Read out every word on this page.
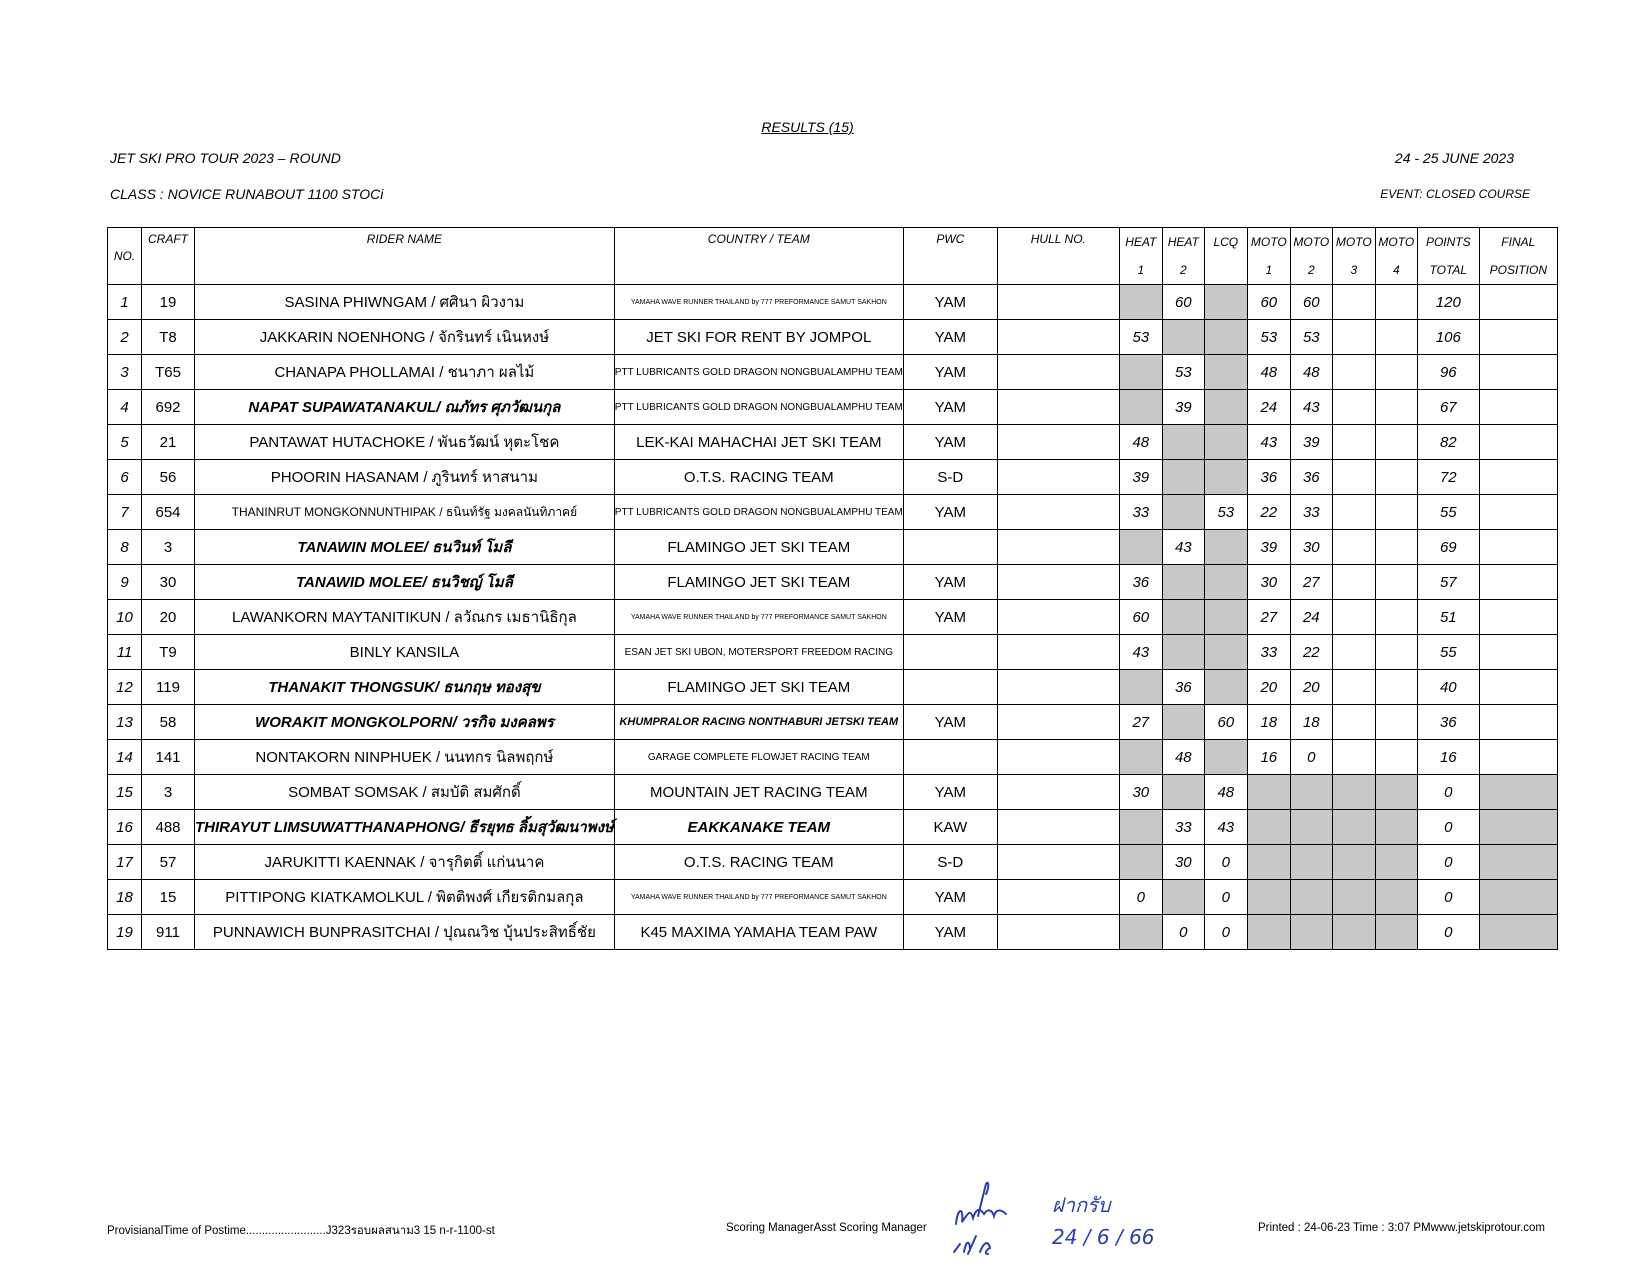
RESULTS (15)
JET SKI PRO TOUR 2023 – ROUND	24 - 25 JUNE 2023
CLASS : NOVICE RUNABOUT 1100 STOCi	EVENT: CLOSED COURSE
NO.	CRAFT	RIDER NAME	COUNTRY / TEAM	PWC	HULL NO.	HEAT	HEAT	LCQ	MOTO	MOTO	MOTO	MOTO	POINTS	FINAL
						1	2		1	2	3	4	TOTAL	POSITION
1	19	SASINA PHIWNGAM / ศศินา ผิวงาม	YAMAHA WAVE RUNNER THAILAND by 777 PREFORMANCE SAMUT SAKHON	YAM			60		60	60			120	
2	T8	JAKKARIN NOENHONG / จักรินทร์ เนินหงษ์	JET SKI FOR RENT BY JOMPOL	YAM		53			53	53			106	
3	T65	CHANAPA PHOLLAMAI / ชนาภา ผลไม้	PTT LUBRICANTS GOLD DRAGON NONGBUALAMPHU TEAM	YAM			53		48	48			96	
4	692	NAPAT SUPAWATANAKUL/ ณภัทร ศุภวัฒนกุล	PTT LUBRICANTS GOLD DRAGON NONGBUALAMPHU TEAM	YAM			39		24	43			67	
5	21	PANTAWAT HUTACHOKE / พันธวัฒน์ หุตะโชค	LEK-KAI MAHACHAI JET SKI TEAM	YAM		48			43	39			82	
6	56	PHOORIN HASANAM / ภูรินทร์ หาสนาม	O.T.S. RACING TEAM	S-D		39			36	36			72	
7	654	THANINRUT MONGKONNUNTHIPAK / ธนินท์รัฐ มงคลนันทิภาคย์	PTT LUBRICANTS GOLD DRAGON NONGBUALAMPHU TEAM	YAM		33		53	22	33			55	
8	3	TANAWIN MOLEE/ ธนวินท์ โมลี	FLAMINGO JET SKI TEAM				43		39	30			69	
9	30	TANAWID MOLEE/ ธนวิชญ์ โมลี	FLAMINGO JET SKI TEAM	YAM		36			30	27			57	
10	20	LAWANKORN MAYTANITIKUN / ลวัณกร เมธานิธิกุล	YAMAHA WAVE RUNNER THAILAND by 777 PREFORMANCE SAMUT SAKHON	YAM		60			27	24			51	
11	T9	BINLY KANSILA	ESAN JET SKI UBON, MOTERSPORT FREEDOM RACING			43			33	22			55	
12	119	THANAKIT THONGSUK/ ธนกฤษ ทองสุข	FLAMINGO JET SKI TEAM				36		20	20			40	
13	58	WORAKIT MONGKOLPORN/ วรกิจ มงคลพร	KHUMPRALOR RACING NONTHABURI JETSKI TEAM	YAM		27		60	18	18			36	
14	141	NONTAKORN NINPHUEK / นนทกร นิลพฤกษ์	GARAGE COMPLETE FLOWJET RACING TEAM				48		16	0			16	
15	3	SOMBAT SOMSAK / สมบัติ สมศักดิ์	MOUNTAIN JET RACING TEAM	YAM		30		48					0	
16	488	THIRAYUT LIMSUWATTHANAPHONG/ ธีรยุทธ ลิ้มสุวัฒนาพงษ์	EAKKANAKE TEAM	KAW			33	43					0	
17	57	JARUKITTI KAENNAK / จารุกิตติ์ แก่นนาค	O.T.S. RACING TEAM	S-D			30	0					0	
18	15	PITTIPONG KIATKAMOLKUL / พิตติพงศ์ เกียรติกมลกุล	YAMAHA WAVE RUNNER THAILAND by 777 PREFORMANCE SAMUT SAKHON	YAM		0		0					0	
19	911	PUNNAWICH BUNPRASITCHAI / ปุณณวิช บุ้นประสิทธิ์ชัย	K45 MAXIMA YAMAHA TEAM PAW	YAM			0	0					0	
ProvisianalTime of Postime.........................J323รอบผลสนาม3 15 n-r-1100-st	Scoring ManagerAsst Scoring Manager	Printed : 24-06-23 Time : 3:07 PMwww.jetskiprotour.com
ฝากรับ
24 / 6 / 66
